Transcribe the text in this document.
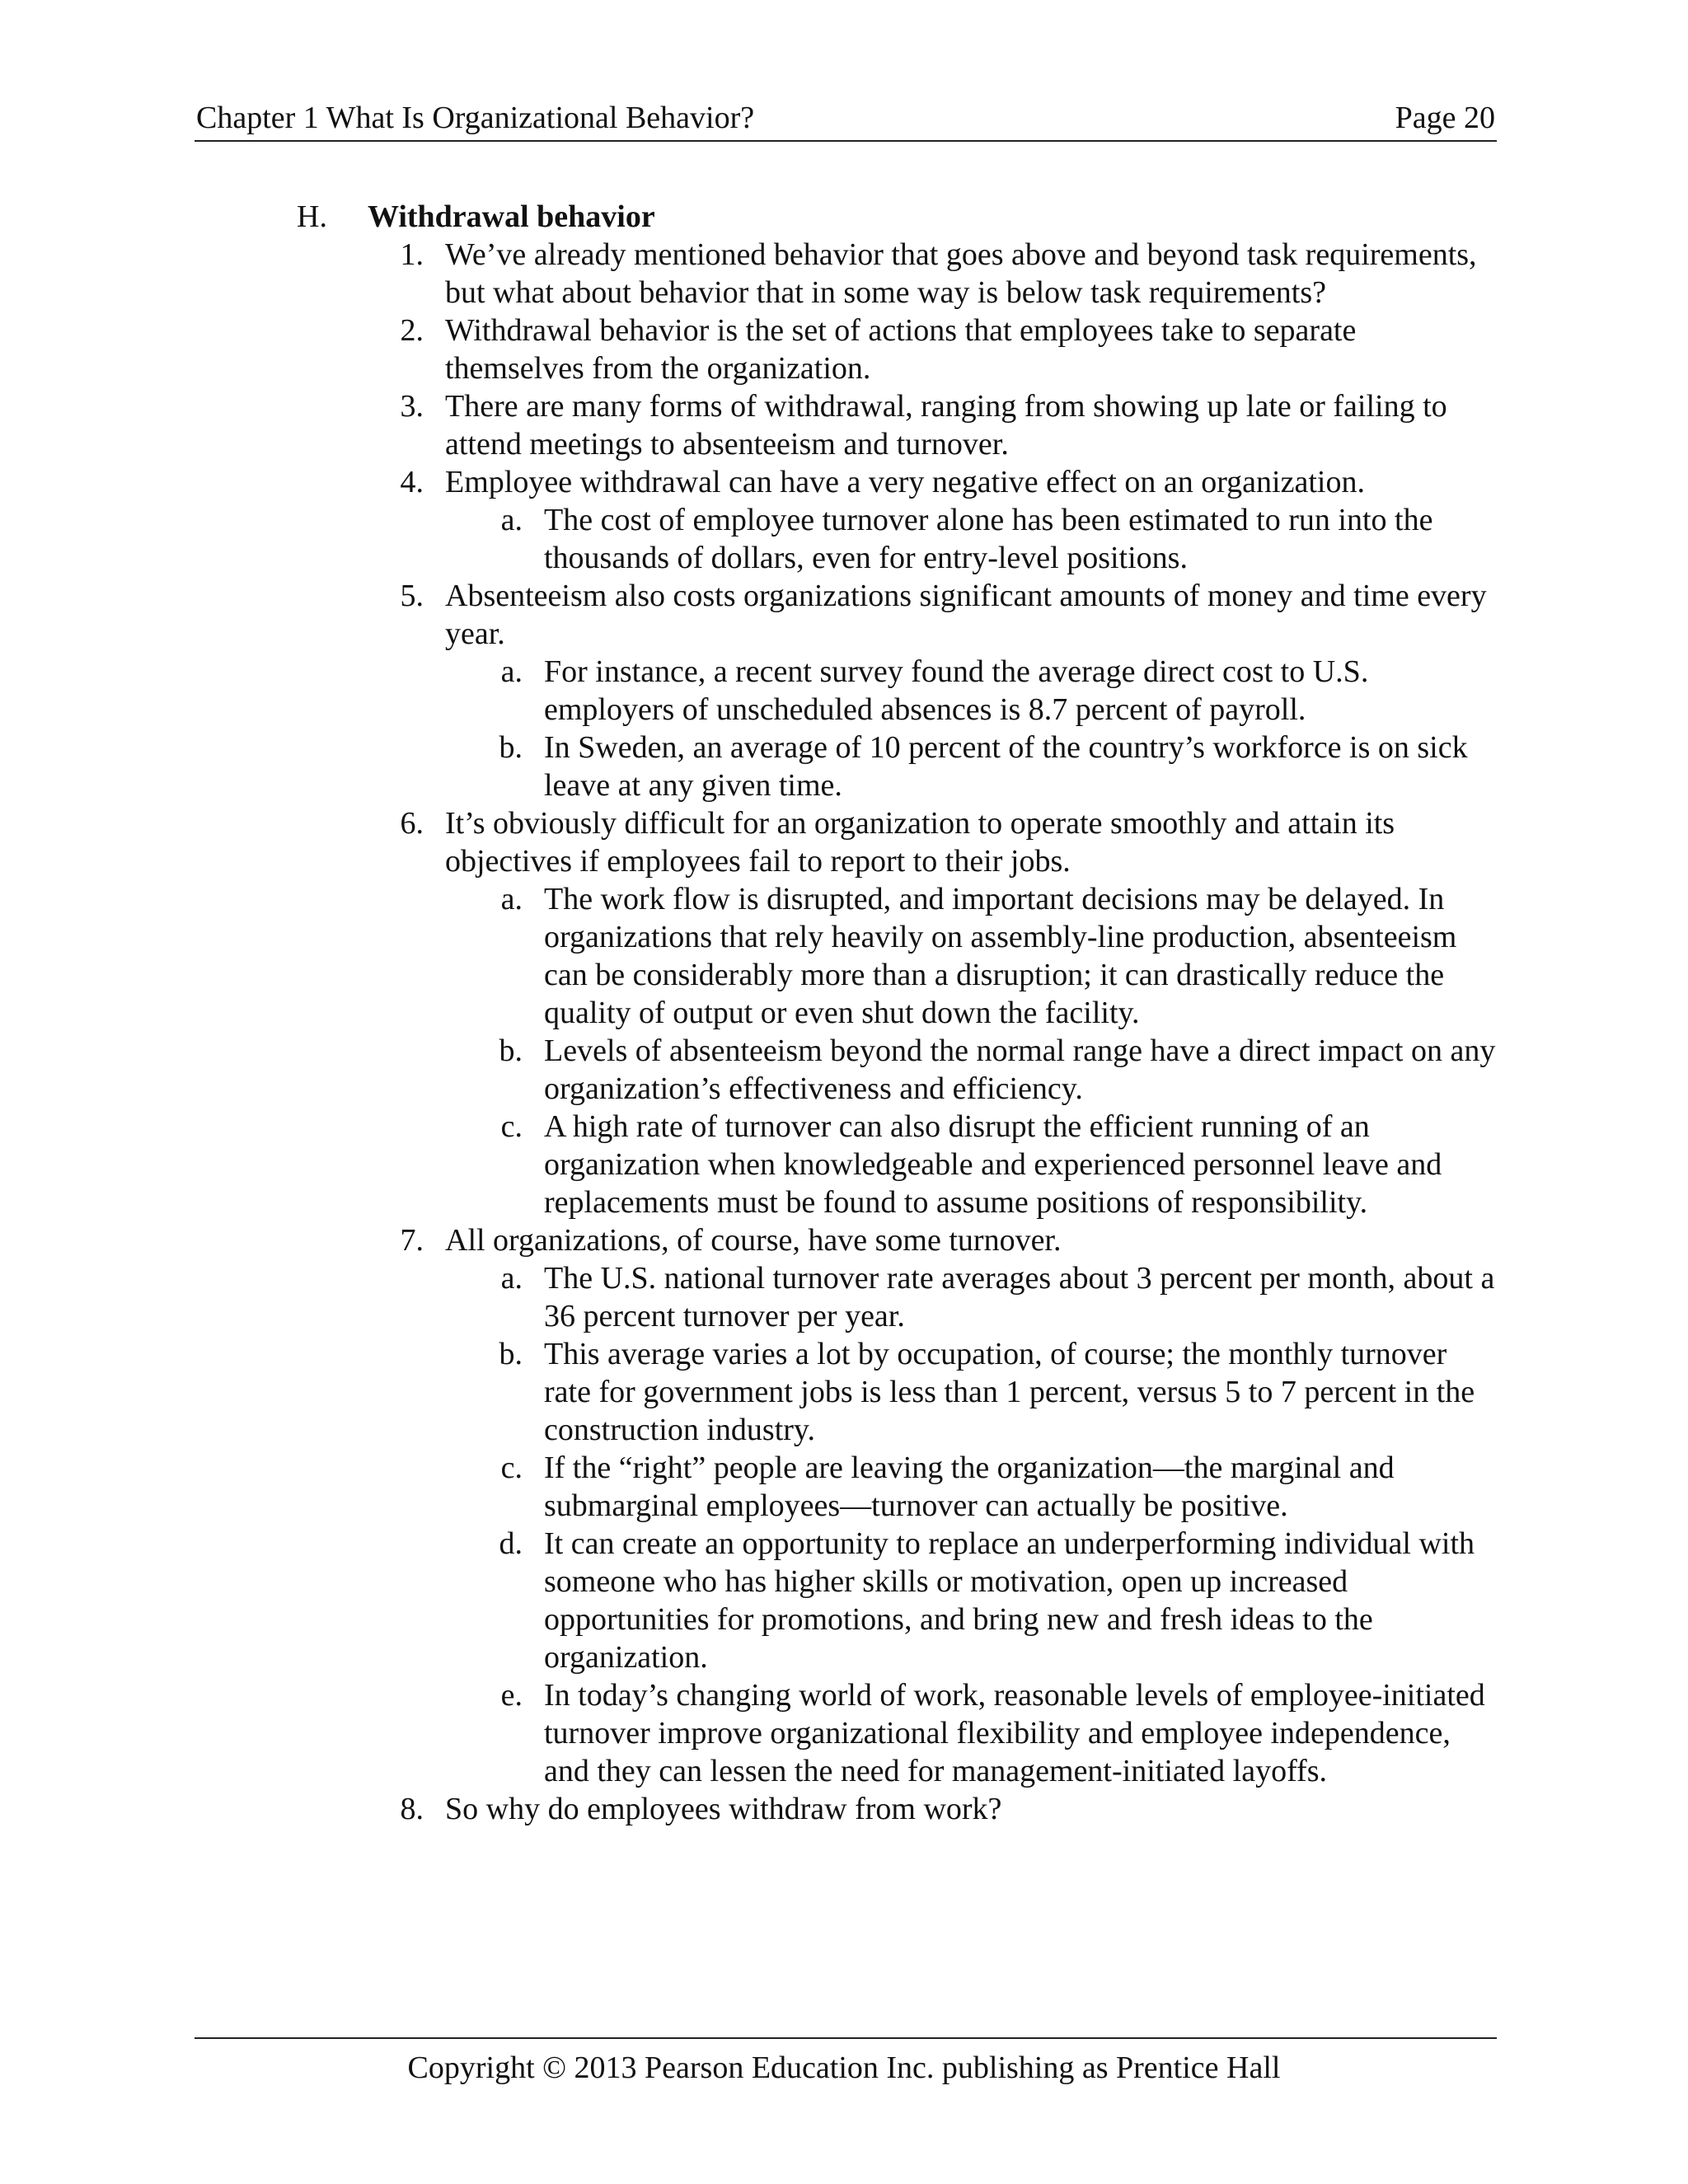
Chapter 1 What Is Organizational Behavior?	Page 20
H. Withdrawal behavior
1. We’ve already mentioned behavior that goes above and beyond task requirements, but what about behavior that in some way is below task requirements?
2. Withdrawal behavior is the set of actions that employees take to separate themselves from the organization.
3. There are many forms of withdrawal, ranging from showing up late or failing to attend meetings to absenteeism and turnover.
4. Employee withdrawal can have a very negative effect on an organization.
a. The cost of employee turnover alone has been estimated to run into the thousands of dollars, even for entry-level positions.
5. Absenteeism also costs organizations significant amounts of money and time every year.
a. For instance, a recent survey found the average direct cost to U.S. employers of unscheduled absences is 8.7 percent of payroll.
b. In Sweden, an average of 10 percent of the country’s workforce is on sick leave at any given time.
6. It’s obviously difficult for an organization to operate smoothly and attain its objectives if employees fail to report to their jobs.
a. The work flow is disrupted, and important decisions may be delayed. In organizations that rely heavily on assembly-line production, absenteeism can be considerably more than a disruption; it can drastically reduce the quality of output or even shut down the facility.
b. Levels of absenteeism beyond the normal range have a direct impact on any organization’s effectiveness and efficiency.
c. A high rate of turnover can also disrupt the efficient running of an organization when knowledgeable and experienced personnel leave and replacements must be found to assume positions of responsibility.
7. All organizations, of course, have some turnover.
a. The U.S. national turnover rate averages about 3 percent per month, about a 36 percent turnover per year.
b. This average varies a lot by occupation, of course; the monthly turnover rate for government jobs is less than 1 percent, versus 5 to 7 percent in the construction industry.
c. If the “right” people are leaving the organization—the marginal and submarginal employees—turnover can actually be positive.
d. It can create an opportunity to replace an underperforming individual with someone who has higher skills or motivation, open up increased opportunities for promotions, and bring new and fresh ideas to the organization.
e. In today’s changing world of work, reasonable levels of employee-initiated turnover improve organizational flexibility and employee independence, and they can lessen the need for management-initiated layoffs.
8. So why do employees withdraw from work?
Copyright © 2013 Pearson Education Inc. publishing as Prentice Hall
